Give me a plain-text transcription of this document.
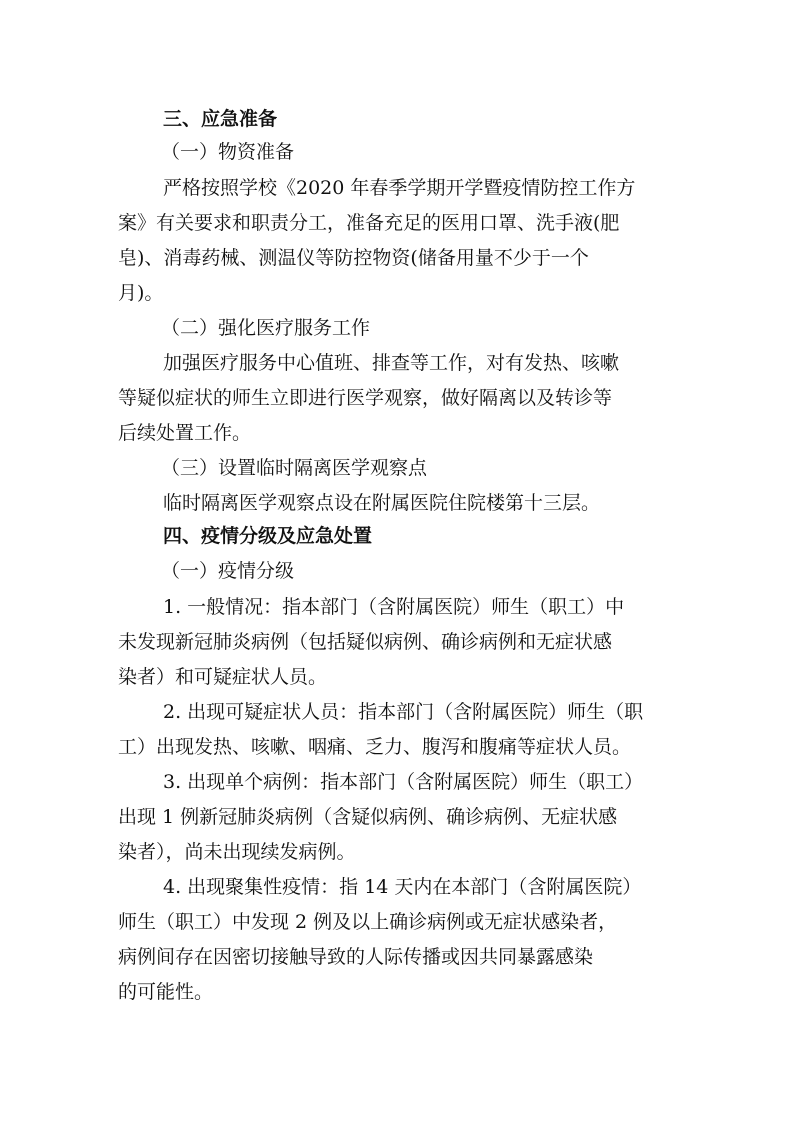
三、应急准备

（一）物资准备

严格按照学校《2020 年春季学期开学暨疫情防控工作方

案》有关要求和职责分工，准备充足的医用口罩、洗手液(肥

皂)、消毒药械、测温仪等防控物资(储备用量不少于一个

月)。

（二）强化医疗服务工作

加强医疗服务中心值班、排查等工作，对有发热、咳嗽

等疑似症状的师生立即进行医学观察，做好隔离以及转诊等

后续处置工作。

（三）设置临时隔离医学观察点

临时隔离医学观察点设在附属医院住院楼第十三层。

四、疫情分级及应急处置

（一）疫情分级

1. 一般情况：指本部门（含附属医院）师生（职工）中

未发现新冠肺炎病例（包括疑似病例、确诊病例和无症状感

染者）和可疑症状人员。

2. 出现可疑症状人员：指本部门（含附属医院）师生（职

工）出现发热、咳嗽、咽痛、乏力、腹泻和腹痛等症状人员。

3. 出现单个病例：指本部门（含附属医院）师生（职工）

出现 1 例新冠肺炎病例（含疑似病例、确诊病例、无症状感

染者），尚未出现续发病例。

4. 出现聚集性疫情：指 14 天内在本部门（含附属医院）

师生（职工）中发现 2 例及以上确诊病例或无症状感染者，

病例间存在因密切接触导致的人际传播或因共同暴露感染

的可能性。
